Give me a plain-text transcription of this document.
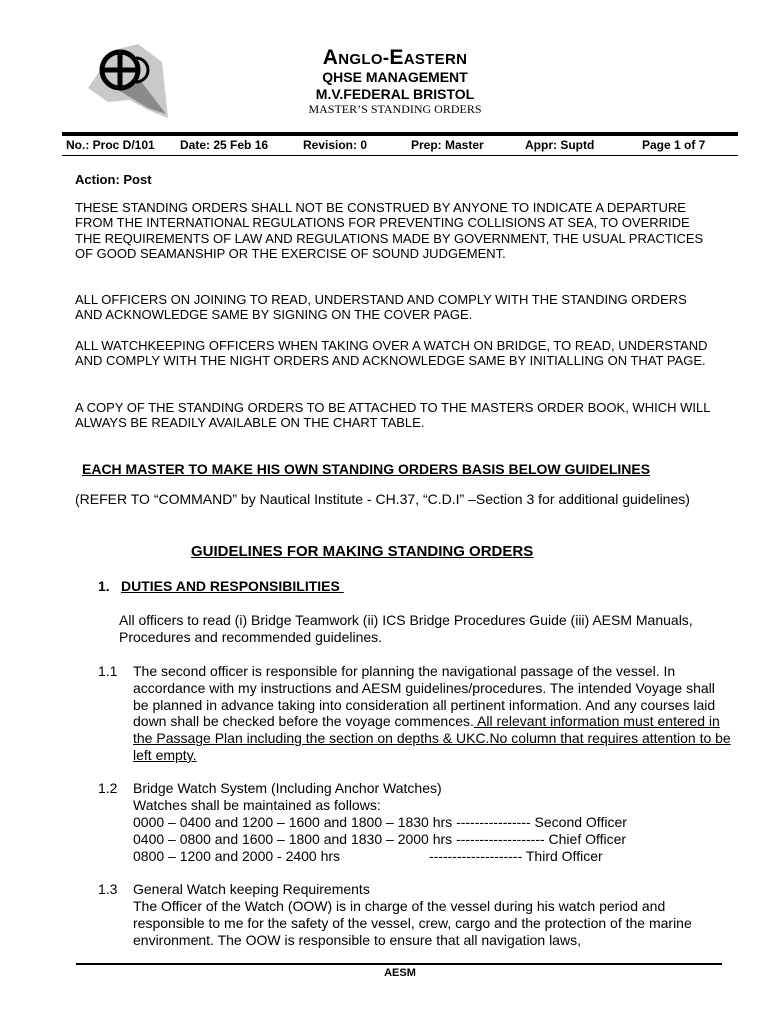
ANGLO-EASTERN
QHSE MANAGEMENT
M.V.FEDERAL BRISTOL
MASTER’S STANDING ORDERS
No.: Proc D/101 Date: 25 Feb 16	Revision: 0	Prep: Master	Appr: Suptd	Page 1 of 7
Action: Post
THESE STANDING ORDERS SHALL NOT BE CONSTRUED BY ANYONE TO INDICATE A DEPARTURE FROM THE INTERNATIONAL REGULATIONS FOR PREVENTING COLLISIONS AT SEA, TO OVERRIDE THE REQUIREMENTS OF LAW AND REGULATIONS MADE BY GOVERNMENT, THE USUAL PRACTICES OF GOOD SEAMANSHIP OR THE EXERCISE OF SOUND JUDGEMENT.
ALL OFFICERS ON JOINING TO READ, UNDERSTAND AND COMPLY WITH THE STANDING ORDERS AND ACKNOWLEDGE SAME BY SIGNING ON THE COVER PAGE.
ALL WATCHKEEPING OFFICERS WHEN TAKING OVER A WATCH ON BRIDGE, TO READ, UNDERSTAND AND COMPLY WITH THE NIGHT ORDERS AND ACKNOWLEDGE SAME BY INITIALLING ON THAT PAGE.
A COPY OF THE STANDING ORDERS TO BE ATTACHED TO THE MASTERS ORDER BOOK, WHICH WILL ALWAYS BE READILY AVAILABLE ON THE CHART TABLE.
EACH MASTER TO MAKE HIS OWN STANDING ORDERS BASIS BELOW GUIDELINES
(REFER TO “COMMAND” by Nautical Institute - CH.37, “C.D.I” –Section 3 for additional guidelines)
GUIDELINES FOR MAKING STANDING ORDERS
1. DUTIES AND RESPONSIBILITIES
All officers to read (i) Bridge Teamwork (ii) ICS Bridge Procedures Guide (iii) AESM Manuals, Procedures and recommended guidelines.
1.1 The second officer is responsible for planning the navigational passage of the vessel. In accordance with my instructions and AESM guidelines/procedures. The intended Voyage shall be planned in advance taking into consideration all pertinent information. And any courses laid down shall be checked before the voyage commences. All relevant information must entered in the Passage Plan including the section on depths & UKC.No column that requires attention to be left empty.
1.2 Bridge Watch System (Including Anchor Watches)
Watches shall be maintained as follows:
0000 – 0400 and 1200 – 1600 and 1800 – 1830 hrs ---------------- Second Officer
0400 – 0800 and 1600 – 1800 and 1830 – 2000 hrs ------------------- Chief Officer
0800 – 1200 and 2000 - 2400 hrs	-------------------- Third Officer
1.3 General Watch keeping Requirements
The Officer of the Watch (OOW) is in charge of the vessel during his watch period and responsible to me for the safety of the vessel, crew, cargo and the protection of the marine environment. The OOW is responsible to ensure that all navigation laws,
AESM
